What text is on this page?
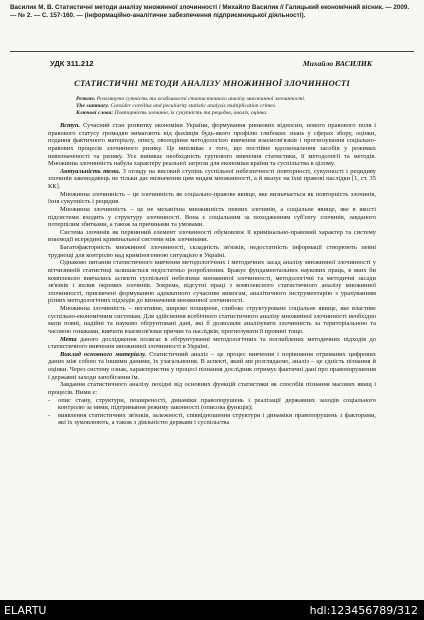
Василик М. В. Статистичні методи аналізу множинної злочинності / Михайло Василик // Галицький економічний вісник. — 2009. — № 2. — С. 157-160. — (інформаційно-аналітичне забезпечення підприємницької діяльності).
УДК 311.212	Михайло ВАСИЛИК
СТАТИСТИЧНІ МЕТОДИ АНАЛІЗУ МНОЖИННОЇ ЗЛОЧИННОСТІ
Резюме. Розглянуто сутність та особливості статистичного аналізу множинної злочинності.
The summary. Consider coreillus and peculiarity statistic analysis multiplication crimes.
Ключові слова: Повторність злочинів, їх сукупність та рецидив, аналіз, оцінка.

Вступ. Сучасний стан розвитку економіки України, формування ринкових відносин, нового правового поля і правового статусу громадян вимагають від фахівців будь-якого профілю глибоких знань у сферах збору, оцінки, подання фактичного матеріалу, опису, оволодіння методологією вивчення взаємозв'язків і прогнозування соціально-правових процесів злочинного ризику. Це випливає з того, що постійне вдосконалення засобів у режимах невизначеності та ризику. Усе виникає необхідність групового вивчення статистики, її методології та методів. Множинна злочинність набула характеру реальної загрози для економіки країни та суспільства в цілому.

Актуальність теми. З огляду на високий ступінь суспільної небезпечності повторності, сукупності і рецидиву злочинів законодавець не тільки дає визначення цим видам множинності, а й вказує на їхні правові наслідки [1, ст. 35 КК].

Множинна злочинність – це злочинність як соціально-правове явище, яке визначається як повторність злочинів, їхня сукупність і рецидив.

Множинна злочинність – це не механічна множинність певних злочинів, а соціальне явище, яке в якості підсистеми входить у структуру злочинності. Вона є соціальним за походженням суб'єкту злочинів, завданого потерпілим збитками, а також за причинами та умовами.

Система злочинів як первинний елемент злочинності обумовлює її кримінально-правовий характер та систему взаємодії всередині кримінальної системи між злочинами.

Багатофакторність множинної злочинності, складність зв'язків, недостатність інформації створюють певні труднощі для контролю над криміногенною ситуацією в Україні.

Однаково питання статистичного вивчення методологічних і методичних засад аналізу множинної злочинності у вітчизняній статистиці залишається недостатньо розробленим. Бракує фундаментальних наукових праць, в яких би комплексно вивчались аспекти суспільної небезпеки множинної злочинності, методологічні та методичні засади зв'язків і вплив окремих злочинів. Зокрема, відсутні праці з комплексного статистичного аналізу множинної злочинності, присвячені формуванню адекватного сучасним вимогам, аналітичного інструментарію з урахуванням різних методологічних підходів до визначення множинної злочинності.

Множинна злочинність – негативне, широко поширене, глибоко структуроване соціальне явище, яке властиве суспільно-економічним системам. Для здійснення всебічного статистичного аналізу множинної злочинності необхідно мати повні, надійні та науково обґрунтовані дані, які б дозволяли аналізувати злочинність за територіальною та часовою ознаками, вивчати взаємозв'язки причин та наслідків, прогнозувати її провині тощо.

Мета даного дослідження полягає в обґрунтуванні методологічних та поглиблених методичних підходів до статистичного вивчення множинної злочинності в Україні.

Виклад основного матеріалу. Статистичний аналіз – це процес вивчення і порівняння отриманих цифрових даних між собою та іншими даними, їх узагальнення. В аспекті, який ми розглядаємо, аналіз – це єдність пізнання й оцінки. Через систему ознак, характеристик у процесі пізнання дослідник отримує фактичні дані про правопорушення і державні заходи запобігання їм.

Завдання статистичного аналізу похідні від основних функцій статистики як способів пізнання масових явищ і процесів. Ними є:

- опис стану, структури, поширеності, динаміки правопорушень і реалізації державних заходів соціального контролю за ними, підтримання режиму законності (описова функція);

- виявлення статистичних зв'язків, залежності, співвідношення структури і динаміки правопорушень з факторами, які їх зумовлюють, а також з діяльністю держави і суспільства

ELARTU	hdl:123456789/312
